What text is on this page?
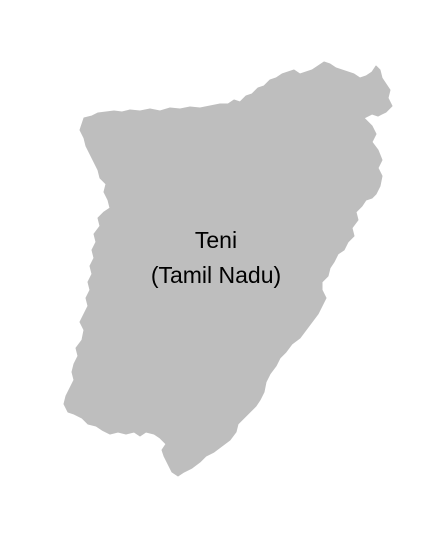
Teni
(Tamil Nadu)
